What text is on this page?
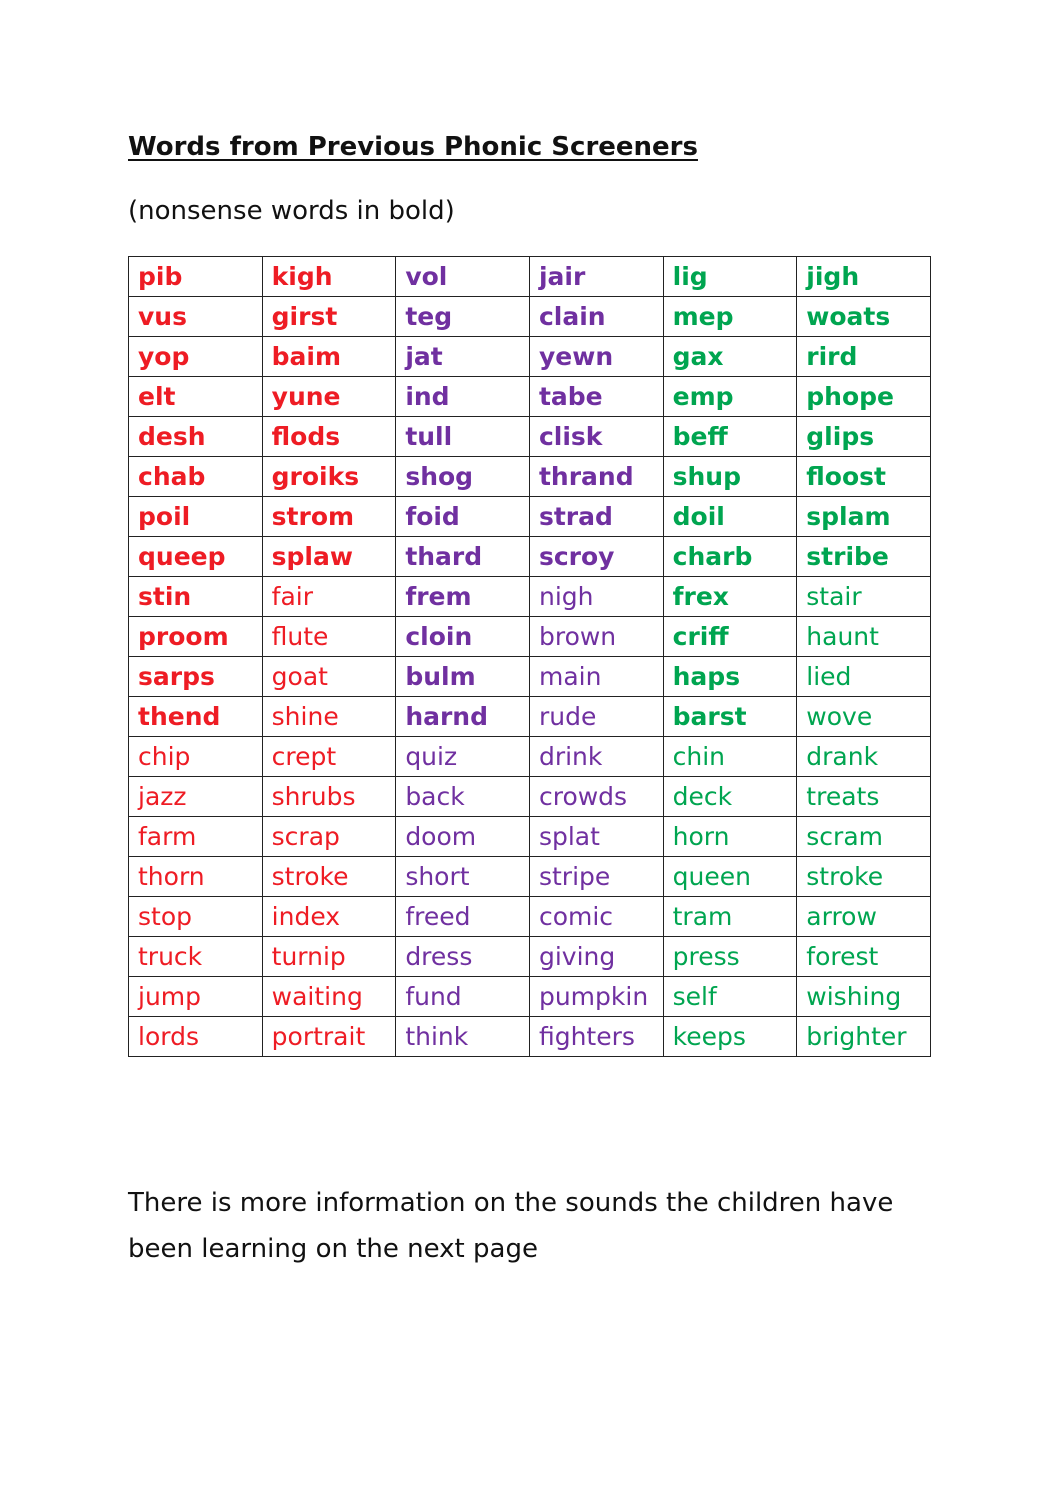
Words from Previous Phonic Screeners
(nonsense words in bold)
pib	kigh	vol	jair	lig	jigh
vus	girst	teg	clain	mep	woats
yop	baim	jat	yewn	gax	rird
elt	yune	ind	tabe	emp	phope
desh	flods	tull	clisk	beff	glips
chab	groiks	shog	thrand	shup	floost
poil	strom	foid	strad	doil	splam
queep	splaw	thard	scroy	charb	stribe
stin	fair	frem	nigh	frex	stair
proom	flute	cloin	brown	criff	haunt
sarps	goat	bulm	main	haps	lied
thend	shine	harnd	rude	barst	wove
chip	crept	quiz	drink	chin	drank
jazz	shrubs	back	crowds	deck	treats
farm	scrap	doom	splat	horn	scram
thorn	stroke	short	stripe	queen	stroke
stop	index	freed	comic	tram	arrow
truck	turnip	dress	giving	press	forest
jump	waiting	fund	pumpkin	self	wishing
lords	portrait	think	fighters	keeps	brighter
There is more information on the sounds the children have been learning on the next page
